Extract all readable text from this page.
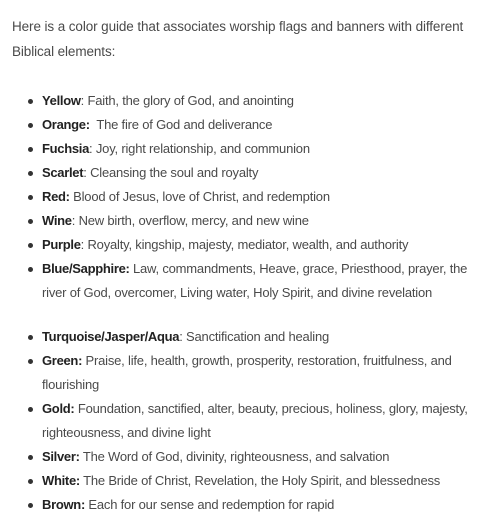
Here is a color guide that associates worship flags and banners with different Biblical elements:

Yellow: Faith, the glory of God, and anointing
Orange: The fire of God and deliverance
Fuchsia: Joy, right relationship, and communion
Scarlet: Cleansing the soul and royalty
Red: Blood of Jesus, love of Christ, and redemption
Wine: New birth, overflow, mercy, and new wine
Purple: Royalty, kingship, majesty, mediator, wealth, and authority
Blue/Sapphire: Law, commandments, Heave, grace, Priesthood, prayer, the river of God, overcomer, Living water, Holy Spirit, and divine revelation
Turquoise/Jasper/Aqua: Sanctification and healing
Green: Praise, life, health, growth, prosperity, restoration, fruitfulness, and flourishing
Gold: Foundation, sanctified, alter, beauty, precious, holiness, glory, majesty, righteousness, and divine light
Silver: The Word of God, divinity, righteousness, and salvation
White: The Bride of Christ, Revelation, the Holy Spirit, and blessedness
Brown: Each for our sense and redemption for rapid
